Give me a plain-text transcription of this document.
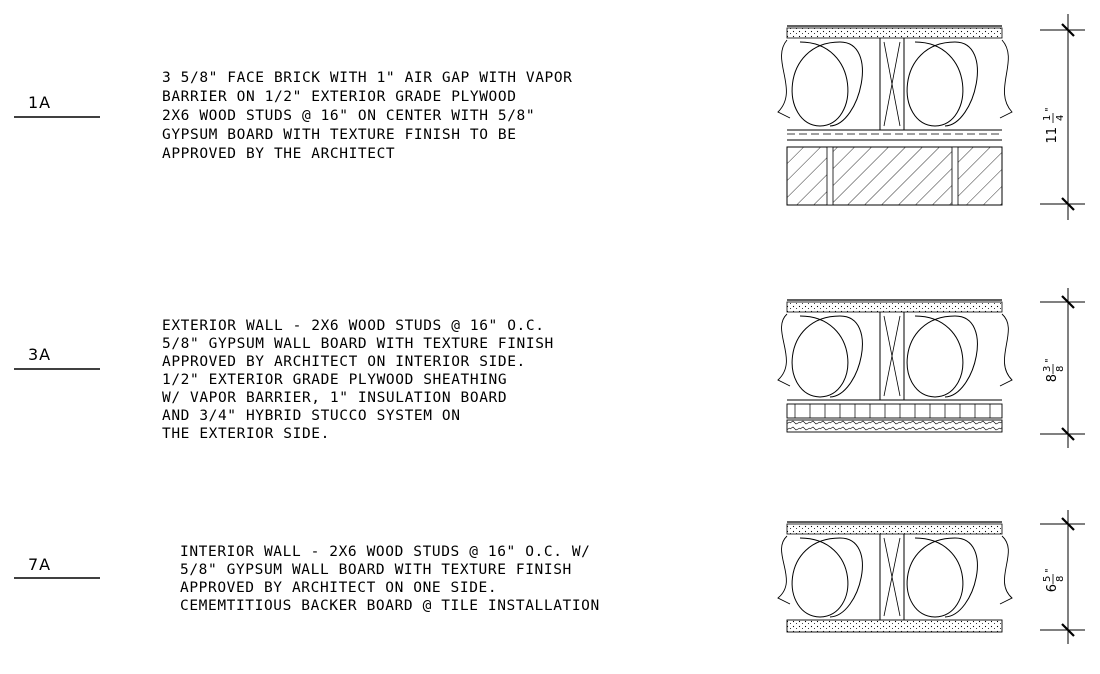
1A
3 5/8" FACE BRICK WITH 1" AIR GAP WITH VAPOR
BARRIER ON 1/2" EXTERIOR GRADE PLYWOOD
2X6 WOOD STUDS @ 16" ON CENTER WITH 5/8"
GYPSUM BOARD WITH TEXTURE FINISH TO BE
APPROVED BY THE ARCHITECT
11
1 4
"
3A
EXTERIOR WALL - 2X6 WOOD STUDS @ 16" O.C.
5/8" GYPSUM WALL BOARD WITH TEXTURE FINISH
APPROVED BY ARCHITECT ON INTERIOR SIDE.
1/2" EXTERIOR GRADE PLYWOOD SHEATHING
W/ VAPOR BARRIER, 1" INSULATION BOARD
AND 3/4" HYBRID STUCCO SYSTEM ON
THE EXTERIOR SIDE.
8
3 8
"
7A
INTERIOR WALL - 2X6 WOOD STUDS @ 16" O.C. W/
5/8" GYPSUM WALL BOARD WITH TEXTURE FINISH
APPROVED BY ARCHITECT ON ONE SIDE.
CEMEMTITIOUS BACKER BOARD @ TILE INSTALLATION
6
5 8
"
